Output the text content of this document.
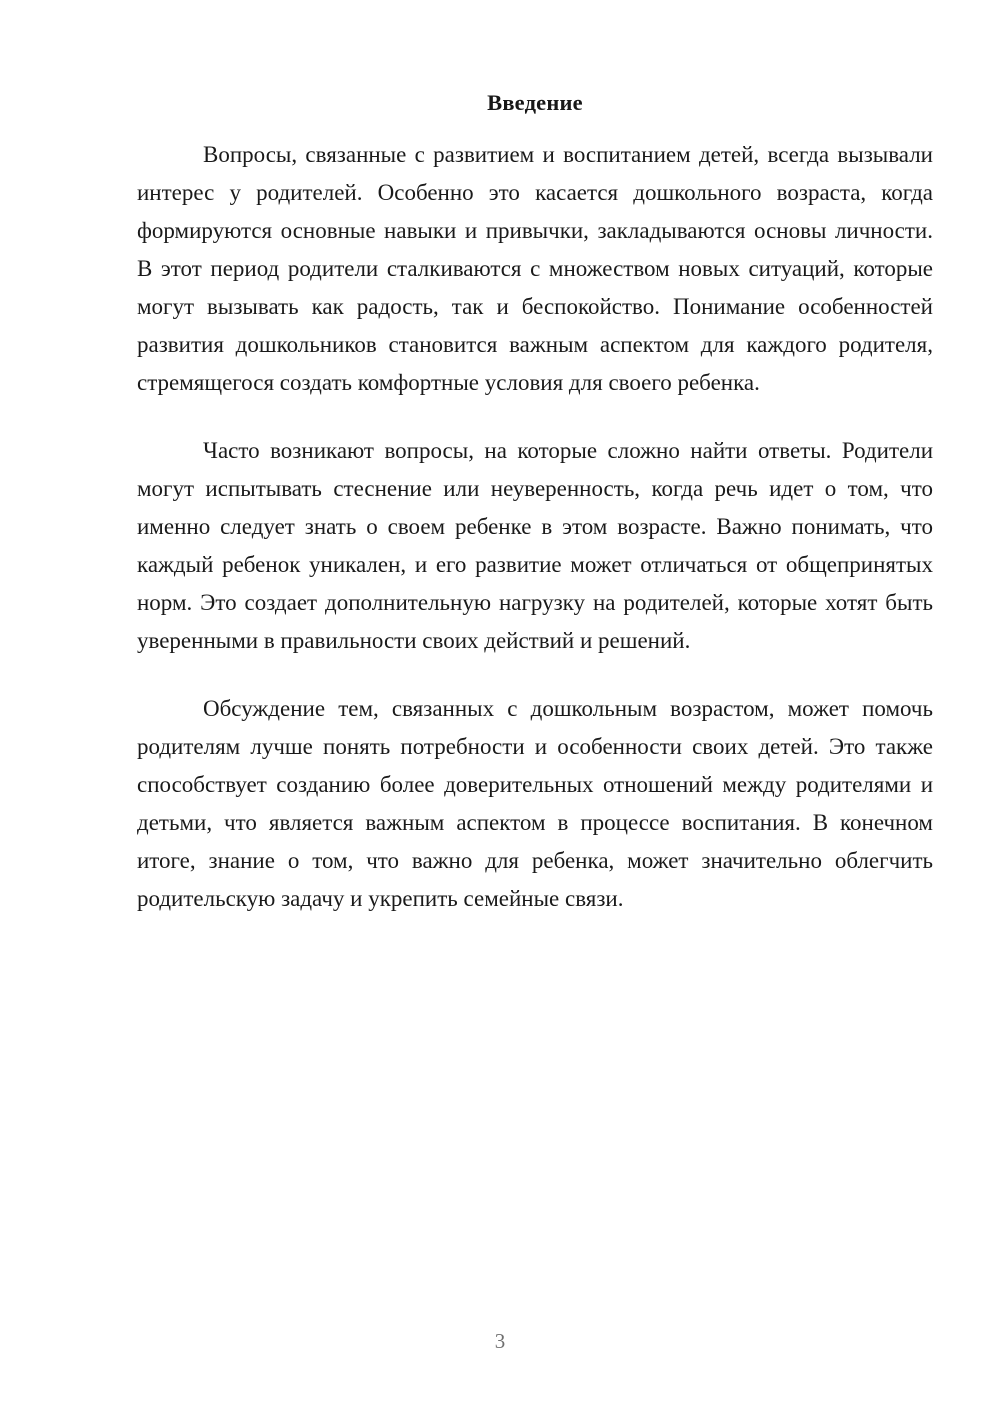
Введение

Вопросы, связанные с развитием и воспитанием детей, всегда вызывали интерес у родителей. Особенно это касается дошкольного возраста, когда формируются основные навыки и привычки, закладываются основы личности. В этот период родители сталкиваются с множеством новых ситуаций, которые могут вызывать как радость, так и беспокойство. Понимание особенностей развития дошкольников становится важным аспектом для каждого родителя, стремящегося создать комфортные условия для своего ребенка.

Часто возникают вопросы, на которые сложно найти ответы. Родители могут испытывать стеснение или неуверенность, когда речь идет о том, что именно следует знать о своем ребенке в этом возрасте. Важно понимать, что каждый ребенок уникален, и его развитие может отличаться от общепринятых норм. Это создает дополнительную нагрузку на родителей, которые хотят быть уверенными в правильности своих действий и решений.

Обсуждение тем, связанных с дошкольным возрастом, может помочь родителям лучше понять потребности и особенности своих детей. Это также способствует созданию более доверительных отношений между родителями и детьми, что является важным аспектом в процессе воспитания. В конечном итоге, знание о том, что важно для ребенка, может значительно облегчить родительскую задачу и укрепить семейные связи.

3
